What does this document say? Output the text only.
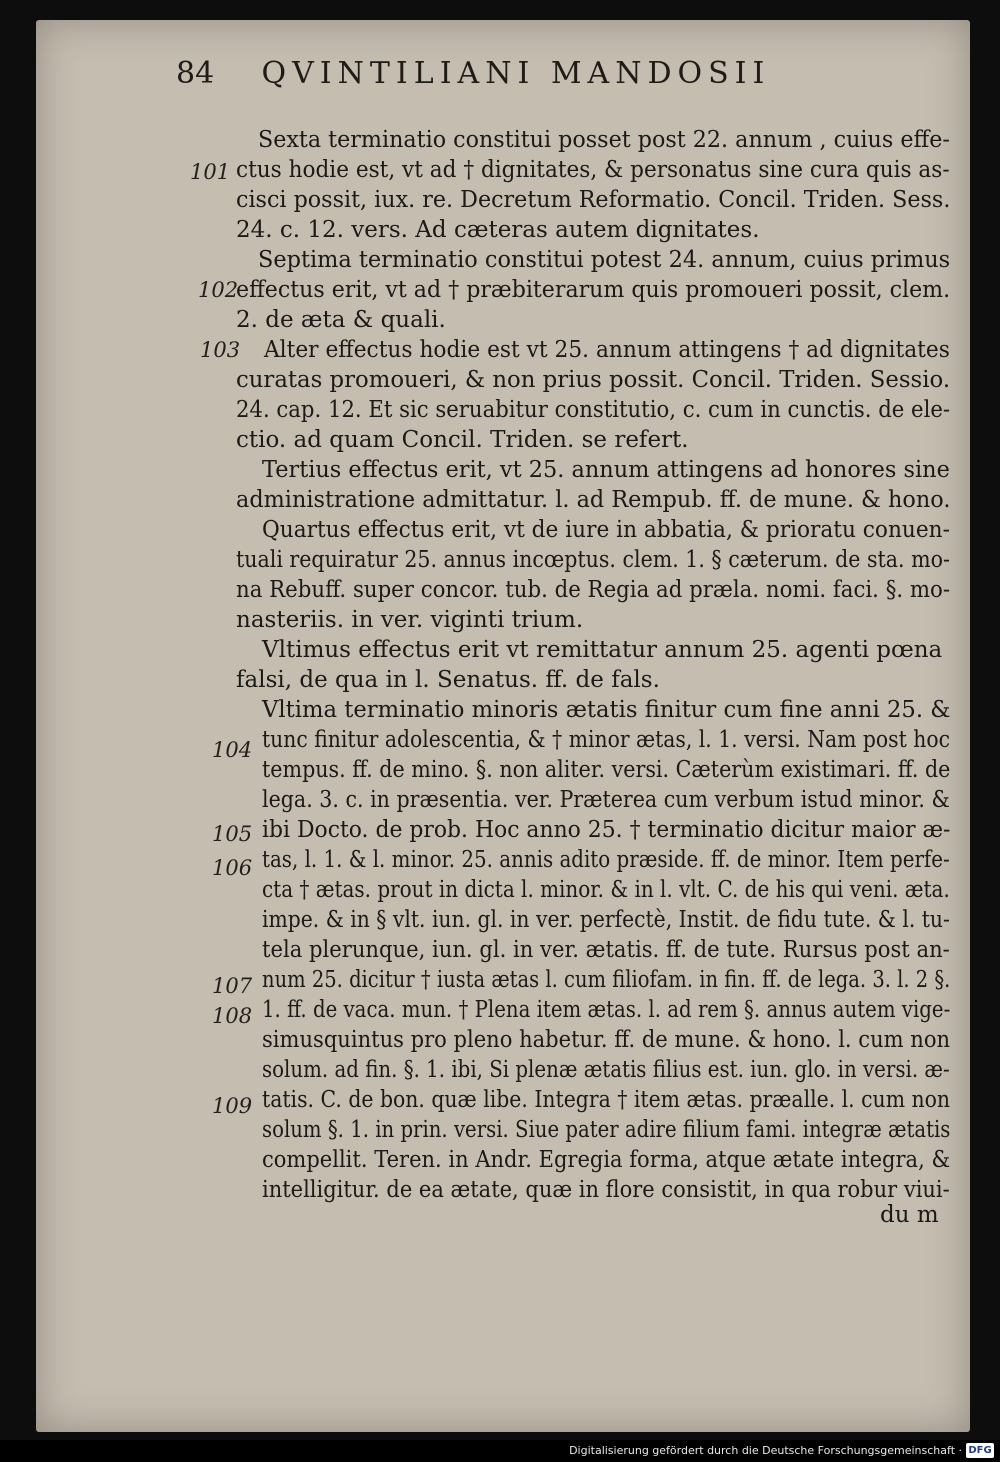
84 QVINTILIANI MANDOSII
Sexta terminatio constitui posset post 22. annum , cuius effe-
ctus hodie est, vt ad † dignitates, & personatus sine cura quis as-
cisci possit, iux. re. Decretum Reformatio. Concil. Triden. Sess.
24. c. 12. vers. Ad cæteras autem dignitates.
Septima terminatio constitui potest 24. annum, cuius primus
effectus erit, vt ad † præbiterarum quis promoueri possit, clem.
2. de æta & quali.
Alter effectus hodie est vt 25. annum attingens † ad dignitates
curatas promoueri, & non prius possit. Concil. Triden. Sessio.
24. cap. 12. Et sic seruabitur constitutio, c. cum in cunctis. de ele-
ctio. ad quam Concil. Triden. se refert.
Tertius effectus erit, vt 25. annum attingens ad honores sine
administratione admittatur. l. ad Rempub. ff. de mune. & hono.
Quartus effectus erit, vt de iure in abbatia, & prioratu conuen-
tuali requiratur 25. annus incœptus. clem. 1. § cæterum. de sta. mo-
na Rebuff. super concor. tub. de Regia ad præla. nomi. faci. §. mo-
nasteriis. in ver. viginti trium.
Vltimus effectus erit vt remittatur annum 25. agenti pœna
falsi, de qua in l. Senatus. ff. de fals.
Vltima terminatio minoris ætatis finitur cum fine anni 25. &
tunc finitur adolescentia, & † minor ætas, l. 1. versi. Nam post hoc
tempus. ff. de mino. §. non aliter. versi. Cæterùm existimari. ff. de
lega. 3. c. in præsentia. ver. Præterea cum verbum istud minor. &
ibi Docto. de prob. Hoc anno 25. † terminatio dicitur maior æ-
tas, l. 1. & l. minor. 25. annis adito præside. ff. de minor. Item perfe-
cta † ætas. prout in dicta l. minor. & in l. vlt. C. de his qui veni. æta.
impe. & in § vlt. iun. gl. in ver. perfectè, Instit. de fidu tute. & l. tu-
tela plerunque, iun. gl. in ver. ætatis. ff. de tute. Rursus post an-
num 25. dicitur † iusta ætas l. cum filiofam. in fin. ff. de lega. 3. l. 2 §.
1. ff. de vaca. mun. † Plena item ætas. l. ad rem §. annus autem vige-
simusquintus pro pleno habetur. ff. de mune. & hono. l. cum non
solum. ad fin. §. 1. ibi, Si plenæ ætatis filius est. iun. glo. in versi. æ-
tatis. C. de bon. quæ libe. Integra † item ætas. præalle. l. cum non
solum §. 1. in prin. versi. Siue pater adire filium fami. integræ ætatis
compellit. Teren. in Andr. Egregia forma, atque ætate integra, &
intelligitur. de ea ætate, quæ in flore consistit, in qua robur viui-
du m
101
102
103
104
105
106
107
108
109
Digitalisierung gefördert durch die Deutsche Forschungsgemeinschaft · DFG
